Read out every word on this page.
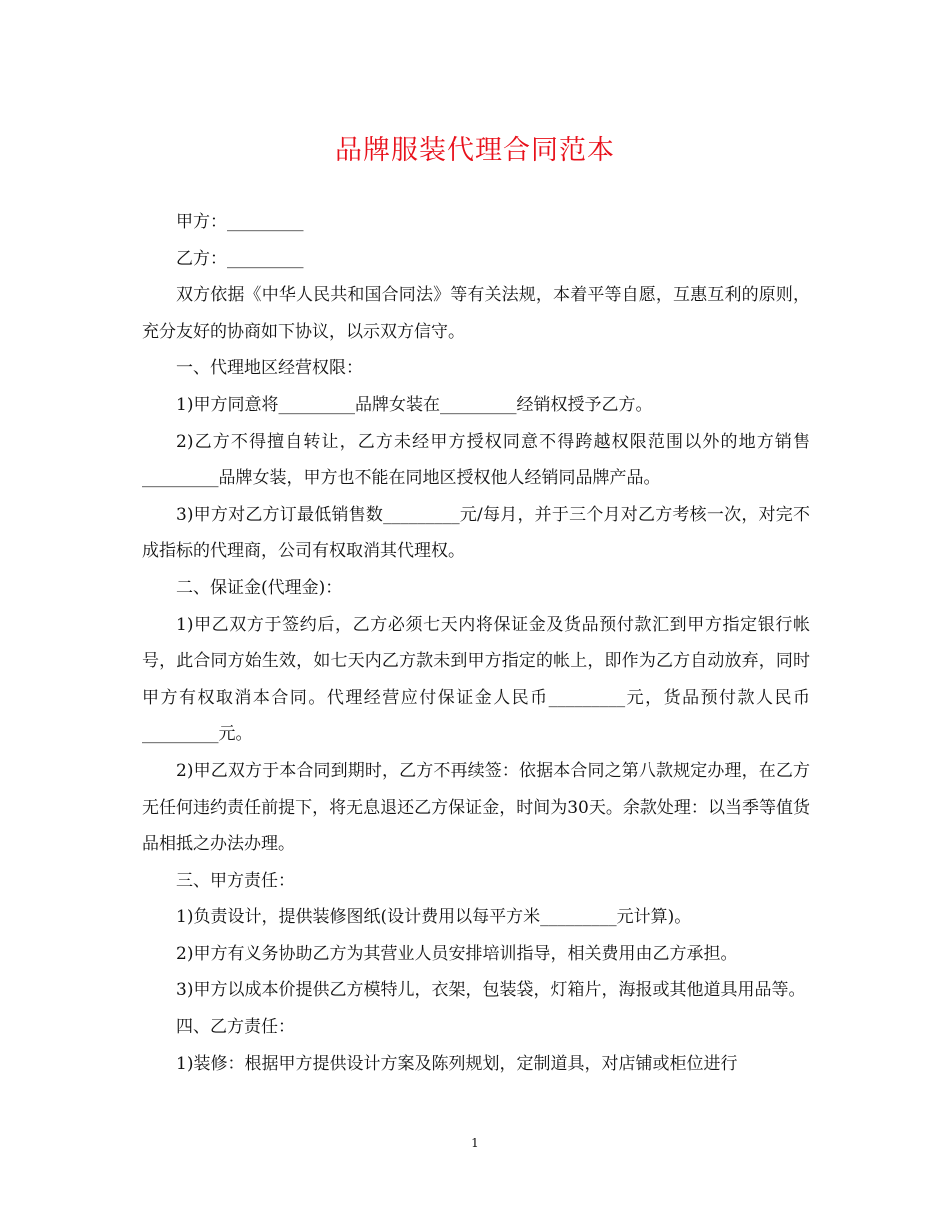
品牌服装代理合同范本

甲方：_________

乙方：_________

双方依据《中华人民共和国合同法》等有关法规，本着平等自愿，互惠互利的原则，充分友好的协商如下协议，以示双方信守。

一、代理地区经营权限：

1)甲方同意将_________品牌女装在_________经销权授予乙方。

2)乙方不得擅自转让，乙方未经甲方授权同意不得跨越权限范围以外的地方销售_________品牌女装，甲方也不能在同地区授权他人经销同品牌产品。

3)甲方对乙方订最低销售数_________元/每月，并于三个月对乙方考核一次，对完不成指标的代理商，公司有权取消其代理权。

二、保证金(代理金)：

1)甲乙双方于签约后，乙方必须七天内将保证金及货品预付款汇到甲方指定银行帐号，此合同方始生效，如七天内乙方款未到甲方指定的帐上，即作为乙方自动放弃，同时甲方有权取消本合同。代理经营应付保证金人民币_________元，货品预付款人民币_________元。

2)甲乙双方于本合同到期时，乙方不再续签：依据本合同之第八款规定办理，在乙方无任何违约责任前提下，将无息退还乙方保证金，时间为30天。余款处理：以当季等值货品相抵之办法办理。

三、甲方责任：

1)负责设计，提供装修图纸(设计费用以每平方米_________元计算)。

2)甲方有义务协助乙方为其营业人员安排培训指导，相关费用由乙方承担。

3)甲方以成本价提供乙方模特儿，衣架，包装袋，灯箱片，海报或其他道具用品等。

四、乙方责任：

1)装修：根据甲方提供设计方案及陈列规划，定制道具，对店铺或柜位进行

1
